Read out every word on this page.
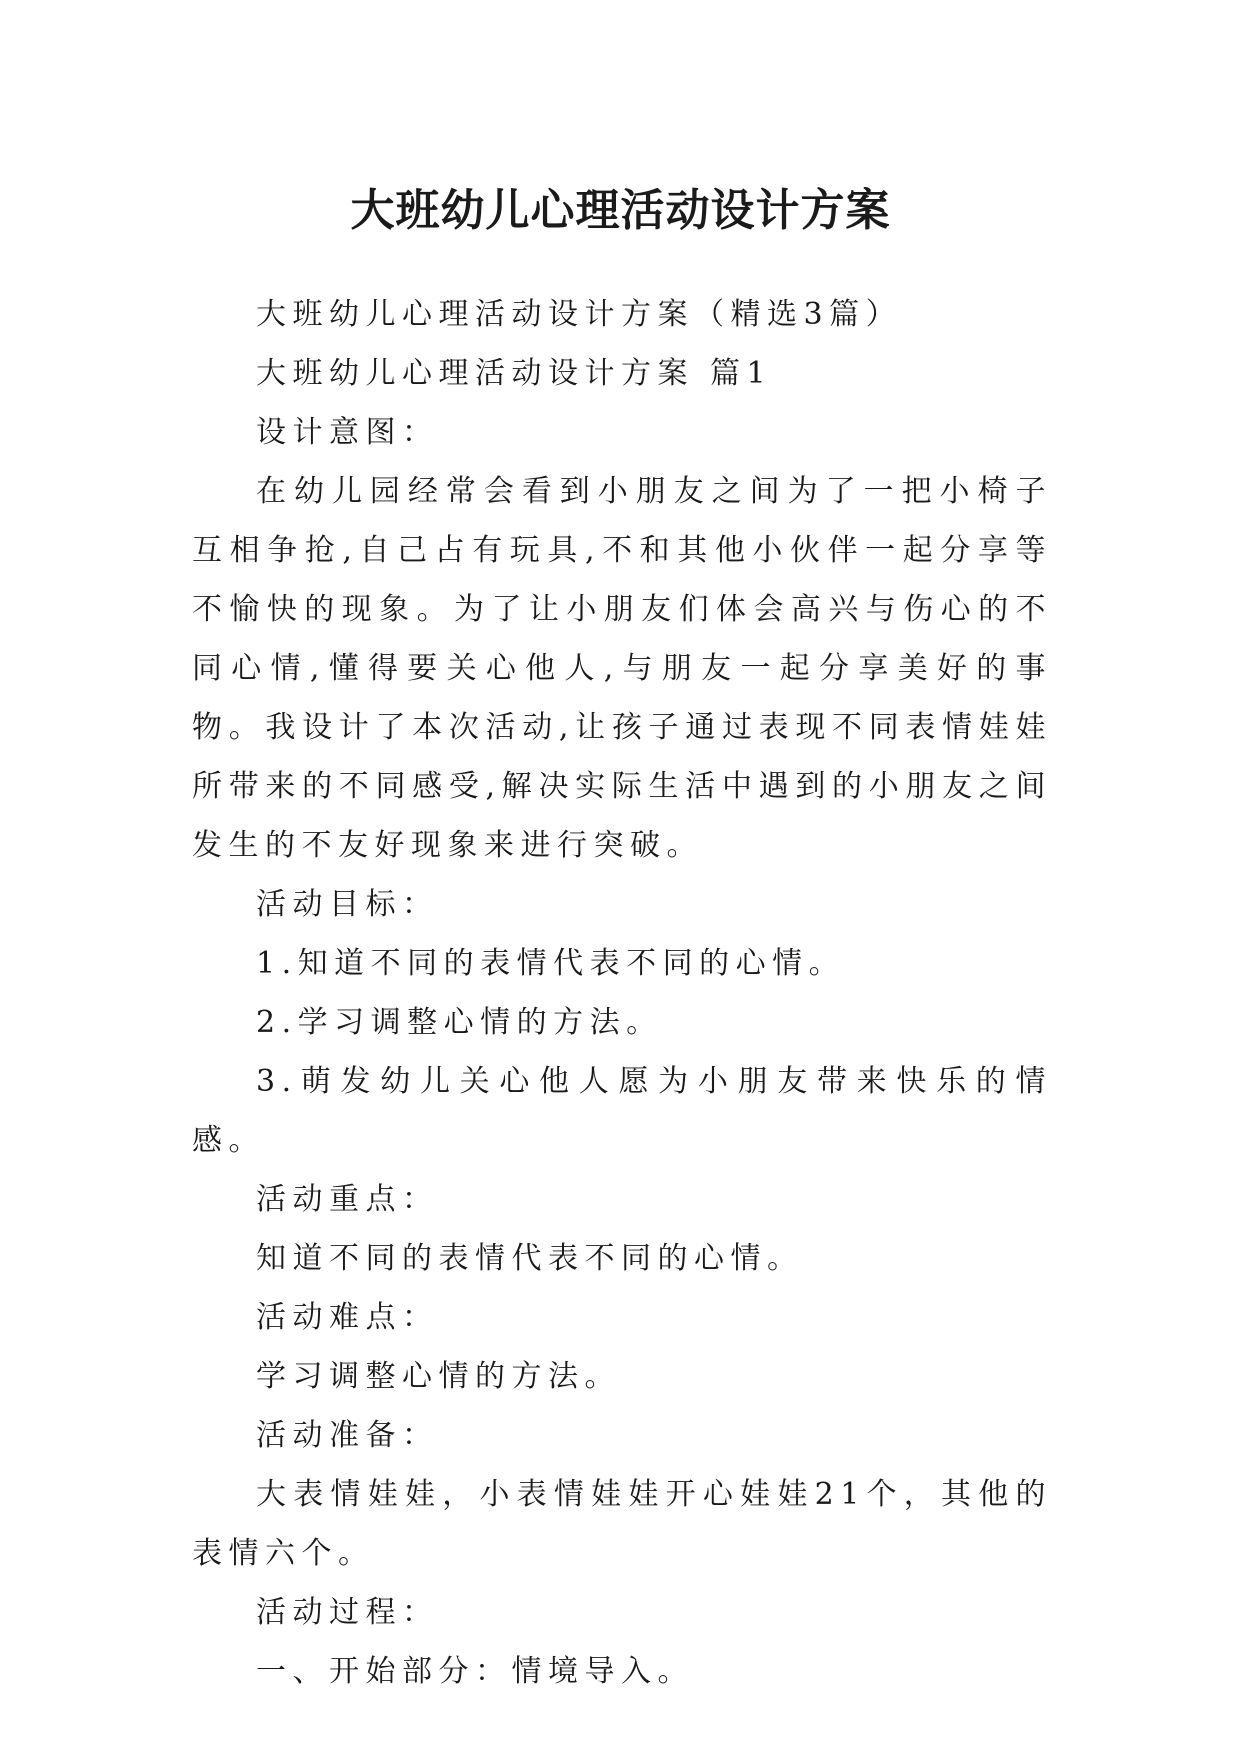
大班幼儿心理活动设计方案

大班幼儿心理活动设计方案（精选3篇）

大班幼儿心理活动设计方案 篇1

设计意图：

在幼儿园经常会看到小朋友之间为了一把小椅子互相争抢,自己占有玩具,不和其他小伙伴一起分享等不愉快的现象。为了让小朋友们体会高兴与伤心的不同心情,懂得要关心他人,与朋友一起分享美好的事物。我设计了本次活动,让孩子通过表现不同表情娃娃所带来的不同感受,解决实际生活中遇到的小朋友之间发生的不友好现象来进行突破。

活动目标：

1.知道不同的表情代表不同的心情。

2.学习调整心情的方法。

3.萌发幼儿关心他人愿为小朋友带来快乐的情感。

活动重点：

知道不同的表情代表不同的心情。

活动难点：

学习调整心情的方法。

活动准备：

大表情娃娃，小表情娃娃开心娃娃21个，其他的表情六个。

活动过程：

一、开始部分：情境导入。
